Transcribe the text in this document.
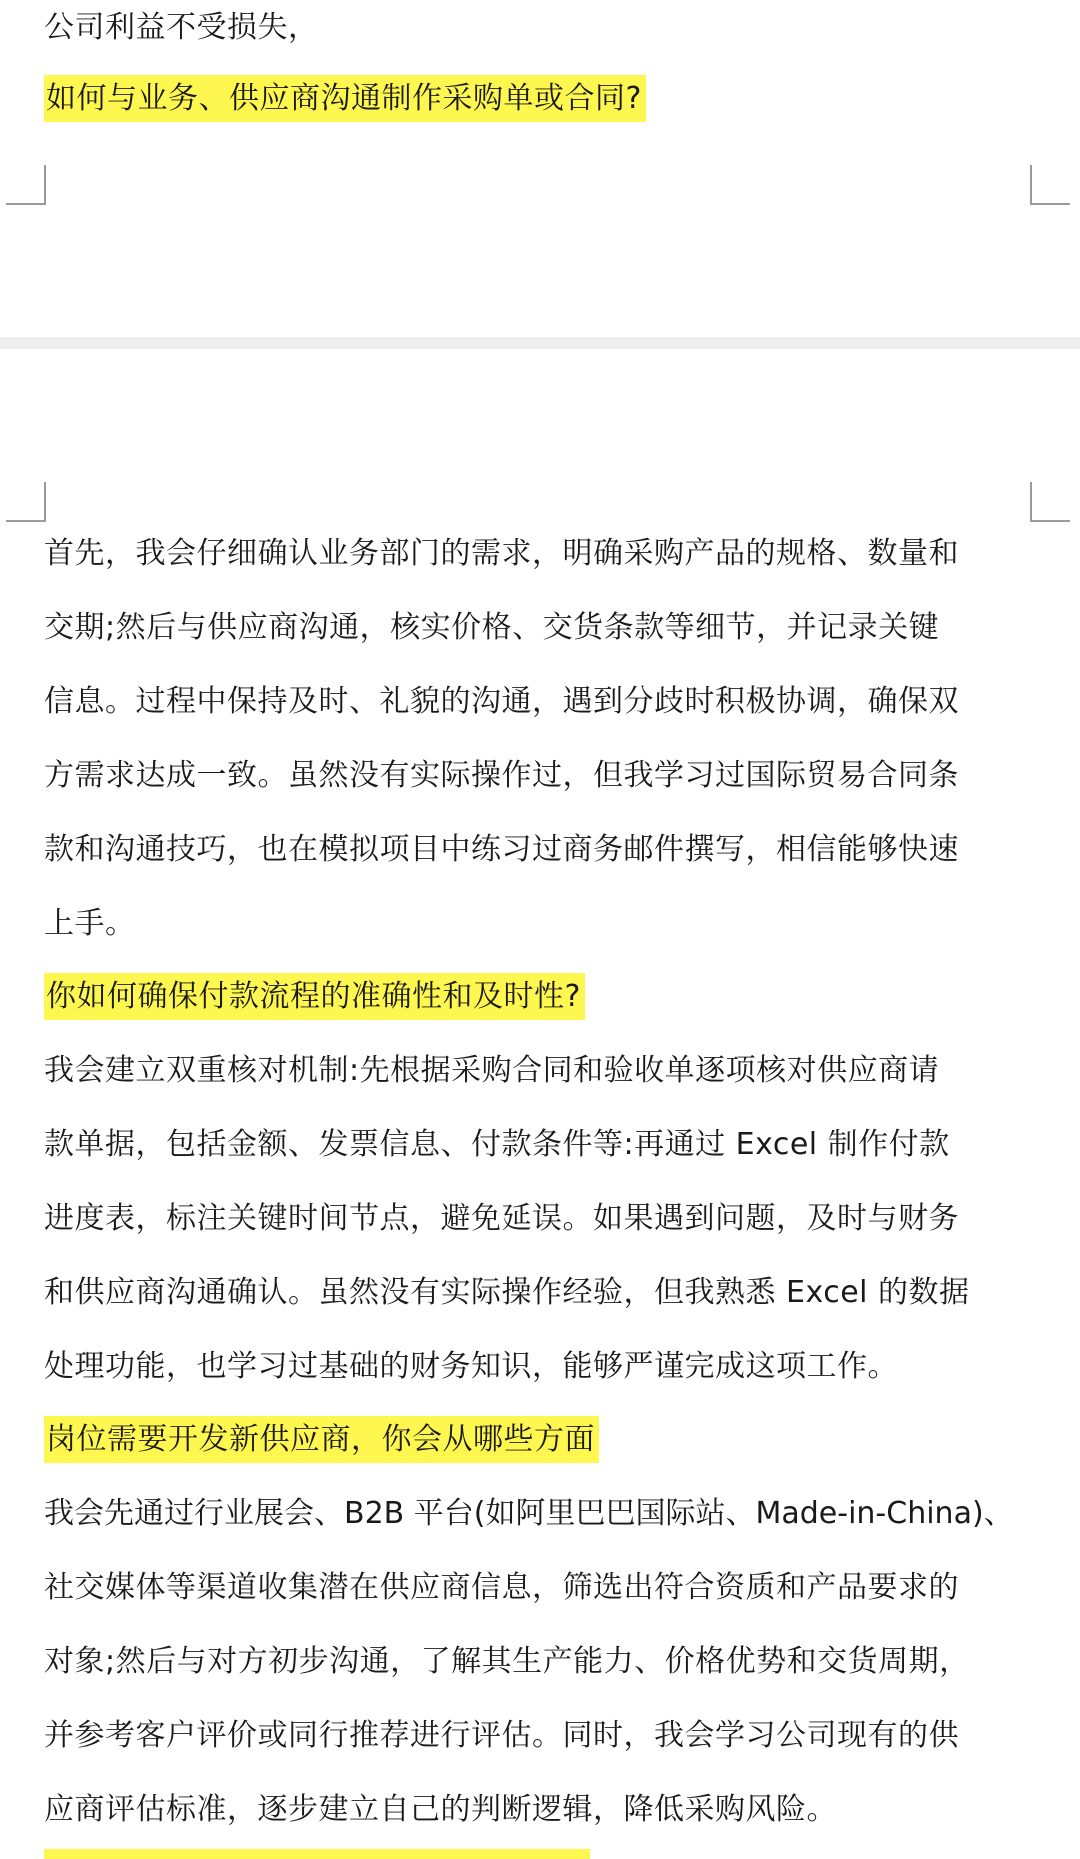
公司利益不受损失，
如何与业务、供应商沟通制作采购单或合同?
首先，我会仔细确认业务部门的需求，明确采购产品的规格、数量和
交期;然后与供应商沟通，核实价格、交货条款等细节，并记录关键
信息。过程中保持及时、礼貌的沟通，遇到分歧时积极协调，确保双
方需求达成一致。虽然没有实际操作过，但我学习过国际贸易合同条
款和沟通技巧，也在模拟项目中练习过商务邮件撰写，相信能够快速
上手。
你如何确保付款流程的准确性和及时性?
我会建立双重核对机制:先根据采购合同和验收单逐项核对供应商请
款单据，包括金额、发票信息、付款条件等:再通过 Excel 制作付款
进度表，标注关键时间节点，避免延误。如果遇到问题，及时与财务
和供应商沟通确认。虽然没有实际操作经验，但我熟悉 Excel 的数据
处理功能，也学习过基础的财务知识，能够严谨完成这项工作。
岗位需要开发新供应商，你会从哪些方面
我会先通过行业展会、B2B 平台(如阿里巴巴国际站、Made-in-China)、
社交媒体等渠道收集潜在供应商信息，筛选出符合资质和产品要求的
对象;然后与对方初步沟通，了解其生产能力、价格优势和交货周期，
并参考客户评价或同行推荐进行评估。同时，我会学习公司现有的供
应商评估标准，逐步建立自己的判断逻辑，降低采购风险。
